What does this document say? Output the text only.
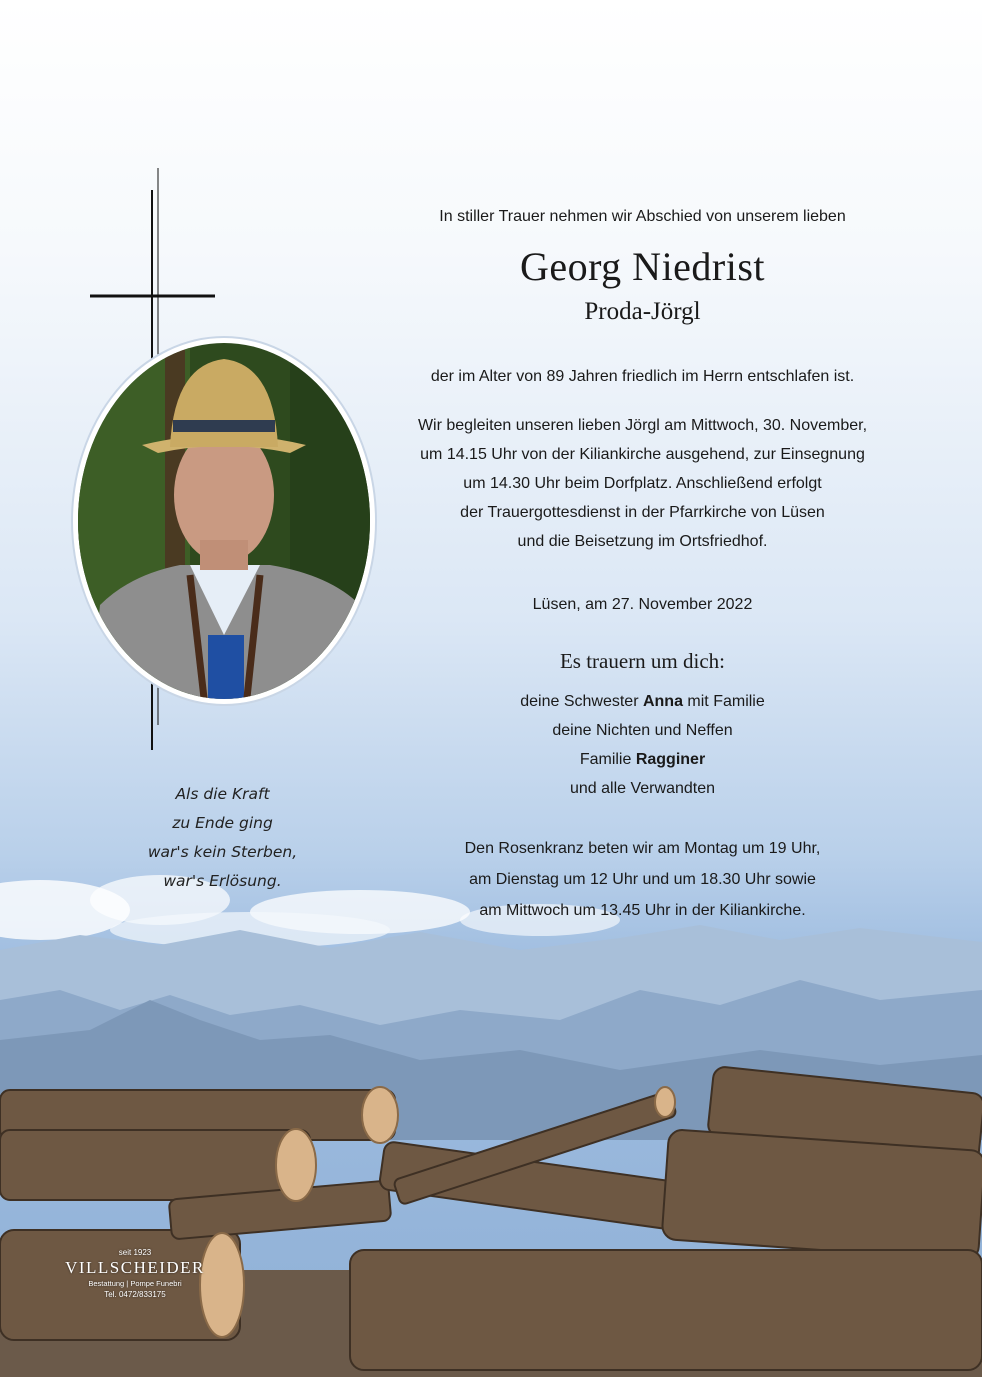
Als die Kraft
zu Ende ging
war's kein Sterben,
war's Erlösung.
In stiller Trauer nehmen wir Abschied von unserem lieben
Georg Niedrist
Proda-Jörgl
der im Alter von 89 Jahren friedlich im Herrn entschlafen ist.
Wir begleiten unseren lieben Jörgl am Mittwoch, 30. November,
um 14.15 Uhr von der Kiliankirche ausgehend, zur Einsegnung
um 14.30 Uhr beim Dorfplatz. Anschließend erfolgt
der Trauergottesdienst in der Pfarrkirche von Lüsen
und die Beisetzung im Ortsfriedhof.
Lüsen, am 27. November 2022
Es trauern um dich:
deine Schwester Anna mit Familie
deine Nichten und Neffen
Familie Ragginer
und alle Verwandten
Den Rosenkranz beten wir am Montag um 19 Uhr,
am Dienstag um 12 Uhr und um 18.30 Uhr sowie
am Mittwoch um 13.45 Uhr in der Kiliankirche.
seit 1923
VILLSCHEIDER
Bestattung | Pompe Funebri
Tel. 0472/833175
